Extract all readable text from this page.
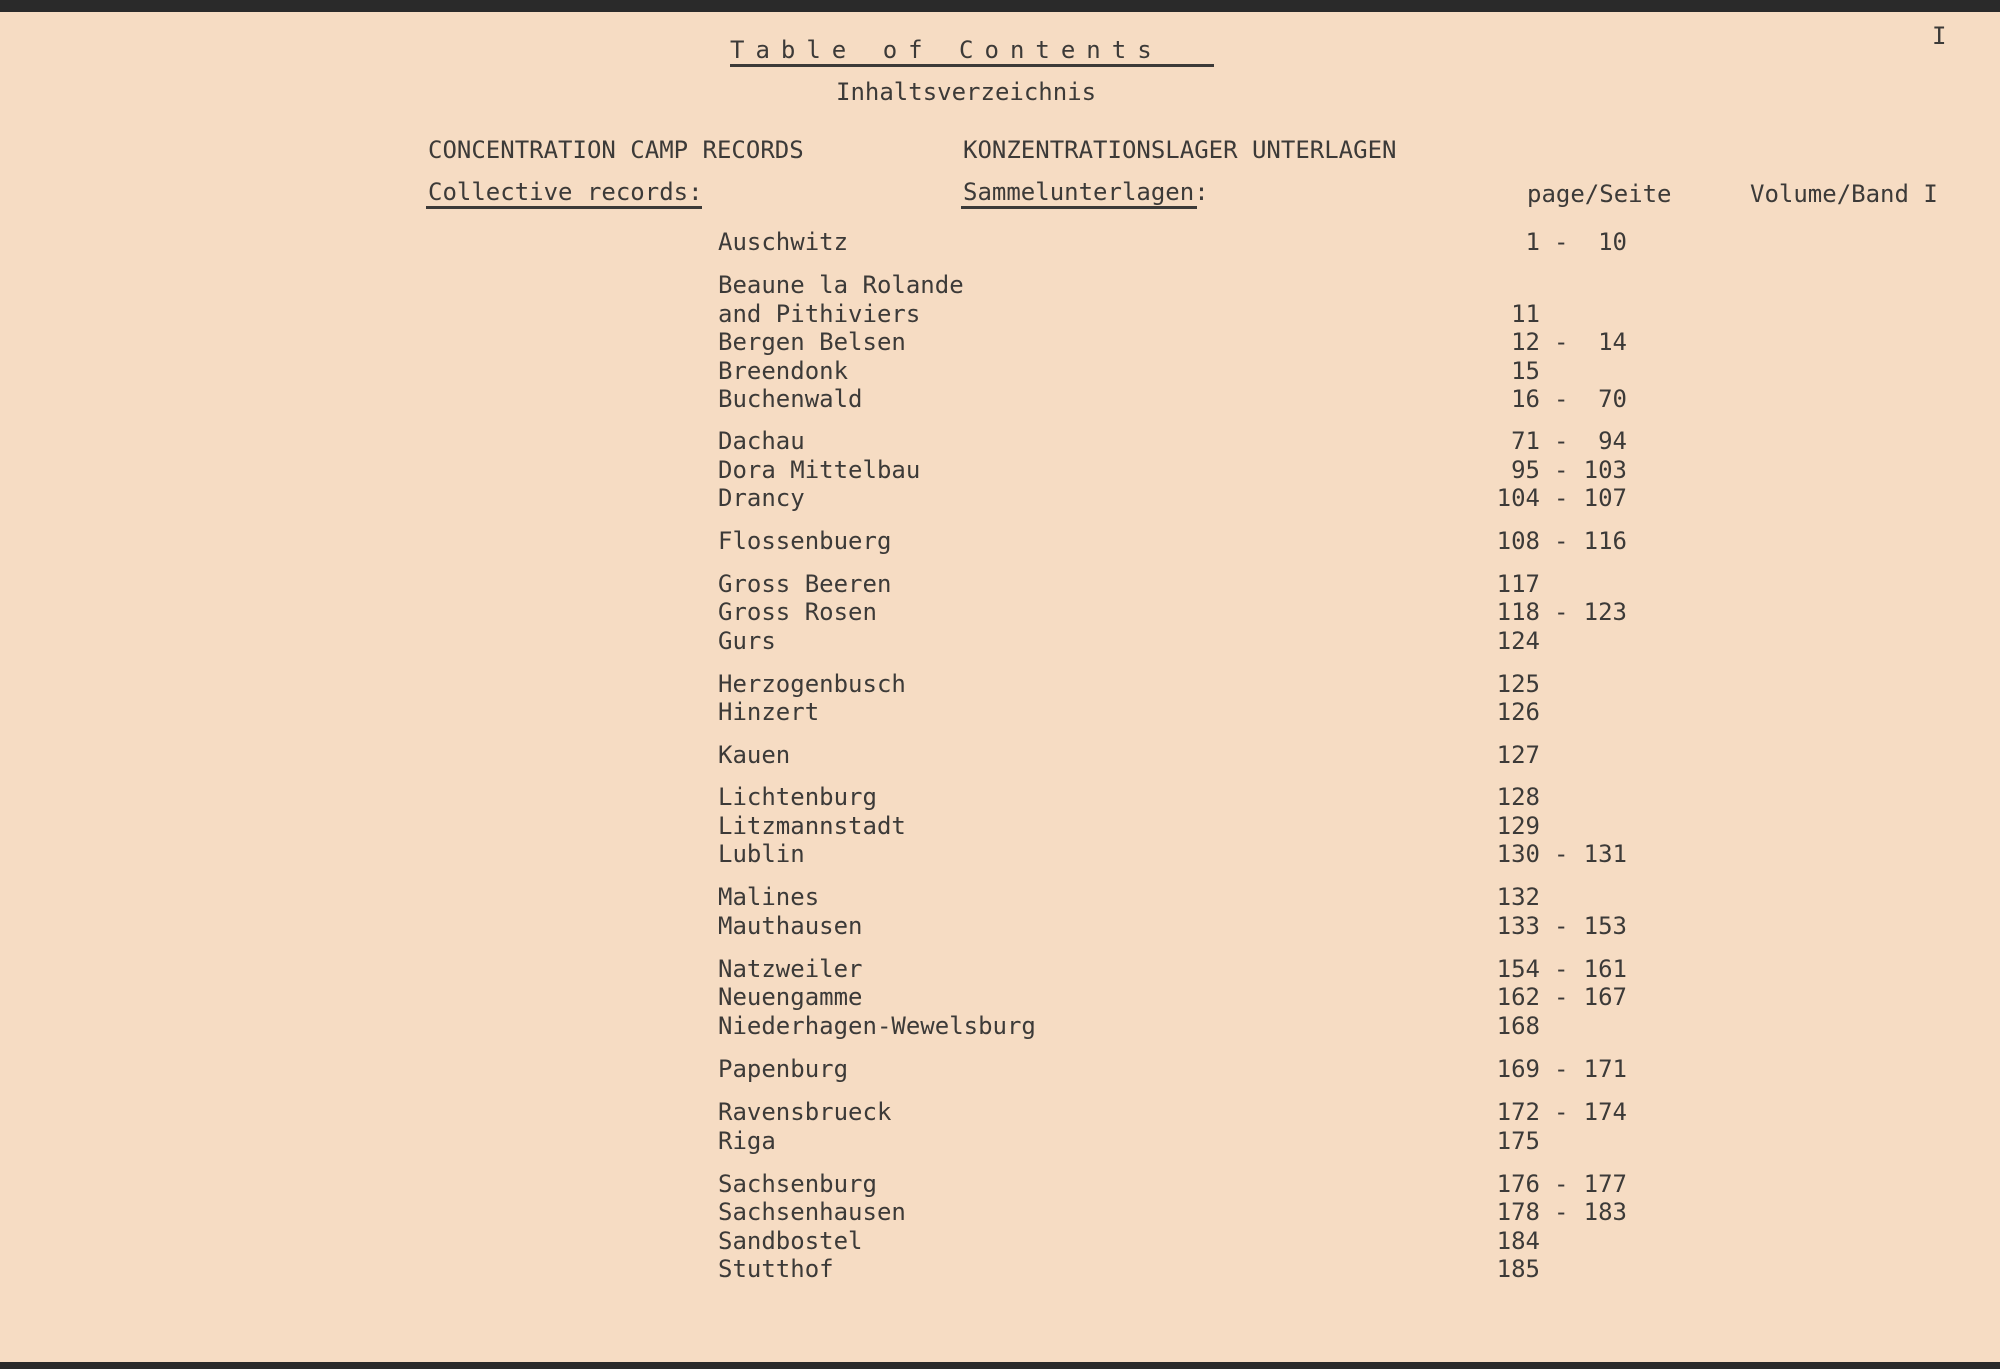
I
Table of Contents
Inhaltsverzeichnis
CONCENTRATION CAMP RECORDS	KONZENTRATIONSLAGER UNTERLAGEN
Collective records:	Sammelunterlagen:	page/Seite	Volume/Band I
Auschwitz	1 - 10
Beaune la Rolande
and Pithiviers	11
Bergen Belsen	12 - 14
Breendonk	15
Buchenwald	16 - 70
Dachau	71 - 94
Dora Mittelbau	95 - 103
Drancy	104 - 107
Flossenbuerg	108 - 116
Gross Beeren	117
Gross Rosen	118 - 123
Gurs	124
Herzogenbusch	125
Hinzert	126
Kauen	127
Lichtenburg	128
Litzmannstadt	129
Lublin	130 - 131
Malines	132
Mauthausen	133 - 153
Natzweiler	154 - 161
Neuengamme	162 - 167
Niederhagen-Wewelsburg	168
Papenburg	169 - 171
Ravensbrueck	172 - 174
Riga	175
Sachsenburg	176 - 177
Sachsenhausen	178 - 183
Sandbostel	184
Stutthof	185
